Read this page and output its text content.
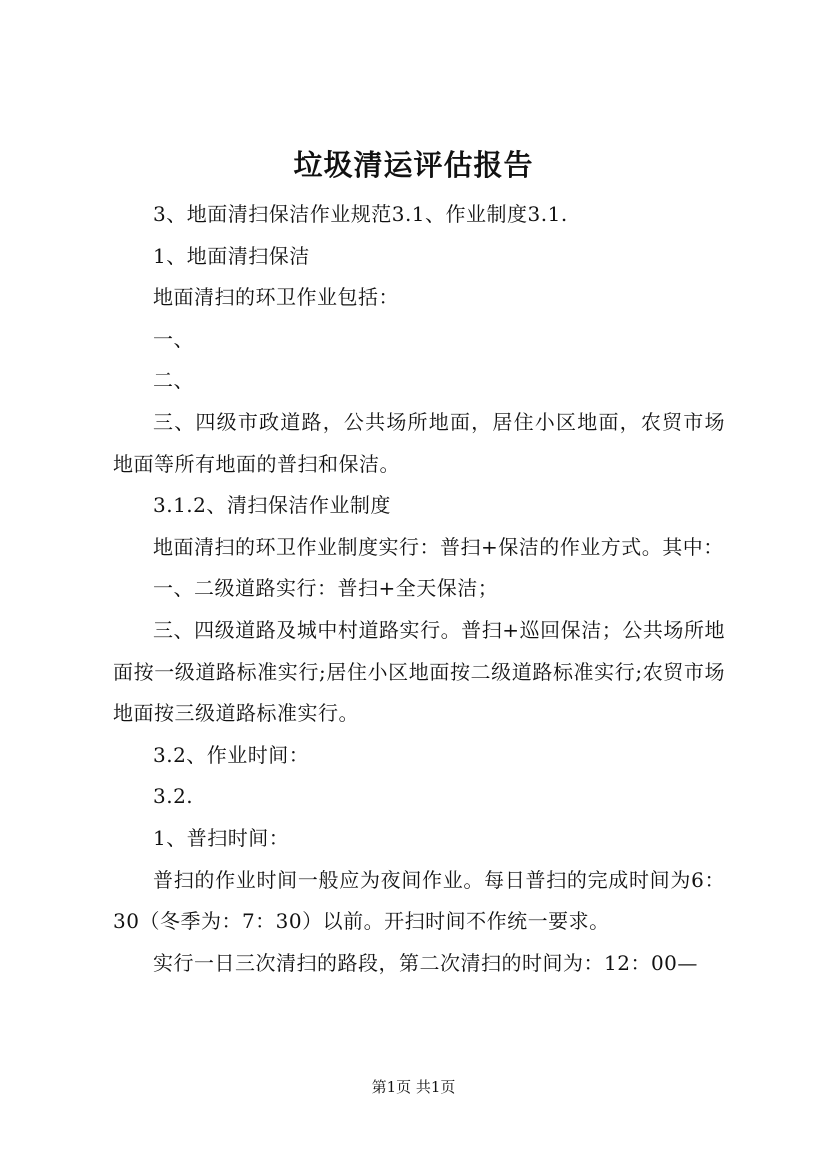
垃圾清运评估报告

3、地面清扫保洁作业规范3.1、作业制度3.1.

1、地面清扫保洁

地面清扫的环卫作业包括：

一、

二、

三、四级市政道路，公共场所地面，居住小区地面，农贸市场地面等所有地面的普扫和保洁。

3.1.2、清扫保洁作业制度

地面清扫的环卫作业制度实行：普扫+保洁的作业方式。其中：

一、二级道路实行：普扫+全天保洁；

三、四级道路及城中村道路实行。普扫+巡回保洁；公共场所地面按一级道路标准实行;居住小区地面按二级道路标准实行;农贸市场地面按三级道路标准实行。

3.2、作业时间：

3.2.

1、普扫时间：

普扫的作业时间一般应为夜间作业。每日普扫的完成时间为6：30（冬季为：7：30）以前。开扫时间不作统一要求。

实行一日三次清扫的路段，第二次清扫的时间为：12：00—

第1页 共1页
